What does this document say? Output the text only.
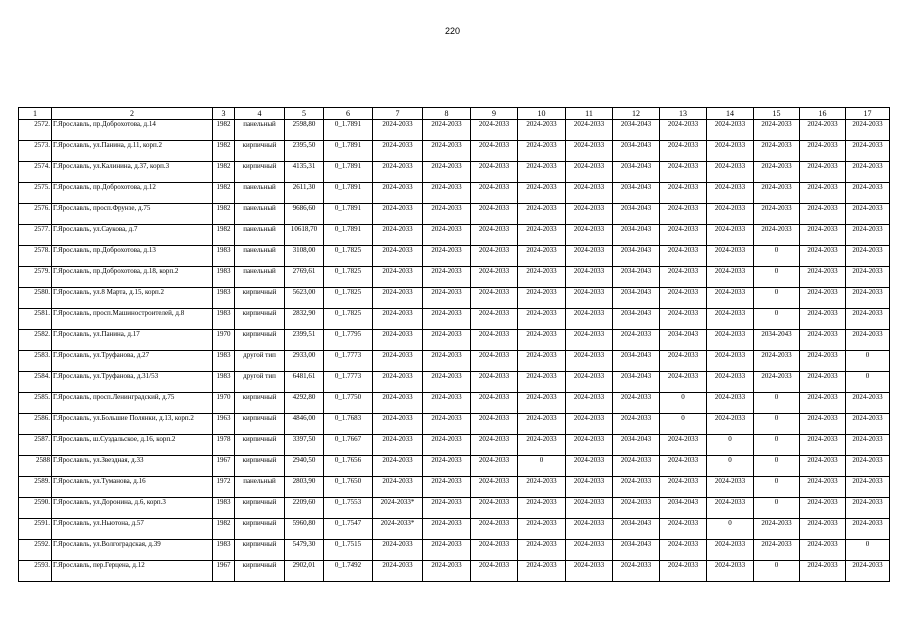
220
1	2	3	4	5	6	7	8	9	10	11	12	13	14	15	16	17
2572.	Г.Ярославль, пр.Доброхотова, д.14	1982	панельный	2598,80	0_1.7891	2024-2033	2024-2033	2024-2033	2024-2033	2024-2033	2034-2043	2024-2033	2024-2033	2024-2033	2024-2033	2024-2033
2573.	Г.Ярославль, ул.Панина, д.11, корп.2	1982	кирпичный	2395,50	0_1.7891	2024-2033	2024-2033	2024-2033	2024-2033	2024-2033	2034-2043	2024-2033	2024-2033	2024-2033	2024-2033	2024-2033
2574.	Г.Ярославль, ул.Калинина, д.37, корп.3	1982	кирпичный	4135,31	0_1.7891	2024-2033	2024-2033	2024-2033	2024-2033	2024-2033	2034-2043	2024-2033	2024-2033	2024-2033	2024-2033	2024-2033
2575.	Г.Ярославль, пр.Доброхотова, д.12	1982	панельный	2611,30	0_1.7891	2024-2033	2024-2033	2024-2033	2024-2033	2024-2033	2034-2043	2024-2033	2024-2033	2024-2033	2024-2033	2024-2033
2576.	Г.Ярославль, просп.Фрунзе, д.75	1982	панельный	9686,60	0_1.7891	2024-2033	2024-2033	2024-2033	2024-2033	2024-2033	2034-2043	2024-2033	2024-2033	2024-2033	2024-2033	2024-2033
2577.	Г.Ярославль, ул.Саукова, д.7	1982	панельный	10618,70	0_1.7891	2024-2033	2024-2033	2024-2033	2024-2033	2024-2033	2034-2043	2024-2033	2024-2033	2024-2033	2024-2033	2024-2033
2578.	Г.Ярославль, пр.Доброхотова, д.13	1983	панельный	3108,00	0_1.7825	2024-2033	2024-2033	2024-2033	2024-2033	2024-2033	2034-2043	2024-2033	2024-2033	0	2024-2033	2024-2033
2579.	Г.Ярославль, пр.Доброхотова, д.18, корп.2	1983	панельный	2769,61	0_1.7825	2024-2033	2024-2033	2024-2033	2024-2033	2024-2033	2034-2043	2024-2033	2024-2033	0	2024-2033	2024-2033
2580.	Г.Ярославль, ул.8 Марта, д.15, корп.2	1983	кирпичный	5623,00	0_1.7825	2024-2033	2024-2033	2024-2033	2024-2033	2024-2033	2034-2043	2024-2033	2024-2033	0	2024-2033	2024-2033
2581.	Г.Ярославль, просп.Машиностроителей, д.8	1983	кирпичный	2832,90	0_1.7825	2024-2033	2024-2033	2024-2033	2024-2033	2024-2033	2034-2043	2024-2033	2024-2033	0	2024-2033	2024-2033
2582.	Г.Ярославль, ул.Панина, д.17	1970	кирпичный	2399,51	0_1.7795	2024-2033	2024-2033	2024-2033	2024-2033	2024-2033	2024-2033	2034-2043	2024-2033	2034-2043	2024-2033	2024-2033
2583.	Г.Ярославль, ул.Труфанова, д.27	1983	другой тип	2933,00	0_1.7773	2024-2033	2024-2033	2024-2033	2024-2033	2024-2033	2034-2043	2024-2033	2024-2033	2024-2033	2024-2033	0
2584.	Г.Ярославль, ул.Труфанова, д.31/53	1983	другой тип	6481,61	0_1.7773	2024-2033	2024-2033	2024-2033	2024-2033	2024-2033	2034-2043	2024-2033	2024-2033	2024-2033	2024-2033	0
2585.	Г.Ярославль, просп.Ленинградский, д.75	1970	кирпичный	4292,80	0_1.7750	2024-2033	2024-2033	2024-2033	2024-2033	2024-2033	2024-2033	0	2024-2033	0	2024-2033	2024-2033
2586.	Г.Ярославль, ул.Большие Полянки, д.13, корп.2	1963	кирпичный	4846,00	0_1.7683	2024-2033	2024-2033	2024-2033	2024-2033	2024-2033	2024-2033	0	2024-2033	0	2024-2033	2024-2033
2587.	Г.Ярославль, ш.Суздальское, д.16, корп.2	1978	кирпичный	3397,50	0_1.7667	2024-2033	2024-2033	2024-2033	2024-2033	2024-2033	2034-2043	2024-2033	0	0	2024-2033	2024-2033
2588	Г.Ярославль, ул.Звездная, д.33	1967	кирпичный	2940,50	0_1.7656	2024-2033	2024-2033	2024-2033	0	2024-2033	2024-2033	2024-2033	0	0	2024-2033	2024-2033
2589.	Г.Ярославль, ул.Туманова, д.16	1972	панельный	2803,90	0_1.7650	2024-2033	2024-2033	2024-2033	2024-2033	2024-2033	2024-2033	2024-2033	2024-2033	0	2024-2033	2024-2033
2590.	Г.Ярославль, ул.Доронина, д.6, корп.3	1983	кирпичный	2209,60	0_1.7553	2024-2033*	2024-2033	2024-2033	2024-2033	2024-2033	2024-2033	2034-2043	2024-2033	0	2024-2033	2024-2033
2591.	Г.Ярославль, ул.Ньютона, д.57	1982	кирпичный	5960,80	0_1.7547	2024-2033*	2024-2033	2024-2033	2024-2033	2024-2033	2034-2043	2024-2033	0	2024-2033	2024-2033	2024-2033
2592.	Г.Ярославль, ул.Волгоградская, д.39	1983	кирпичный	5479,30	0_1.7515	2024-2033	2024-2033	2024-2033	2024-2033	2024-2033	2034-2043	2024-2033	2024-2033	2024-2033	2024-2033	0
2593.	Г.Ярославль, пер.Герцена, д.12	1967	кирпичный	2902,01	0_1.7492	2024-2033	2024-2033	2024-2033	2024-2033	2024-2033	2024-2033	2024-2033	2024-2033	0	2024-2033	2024-2033
